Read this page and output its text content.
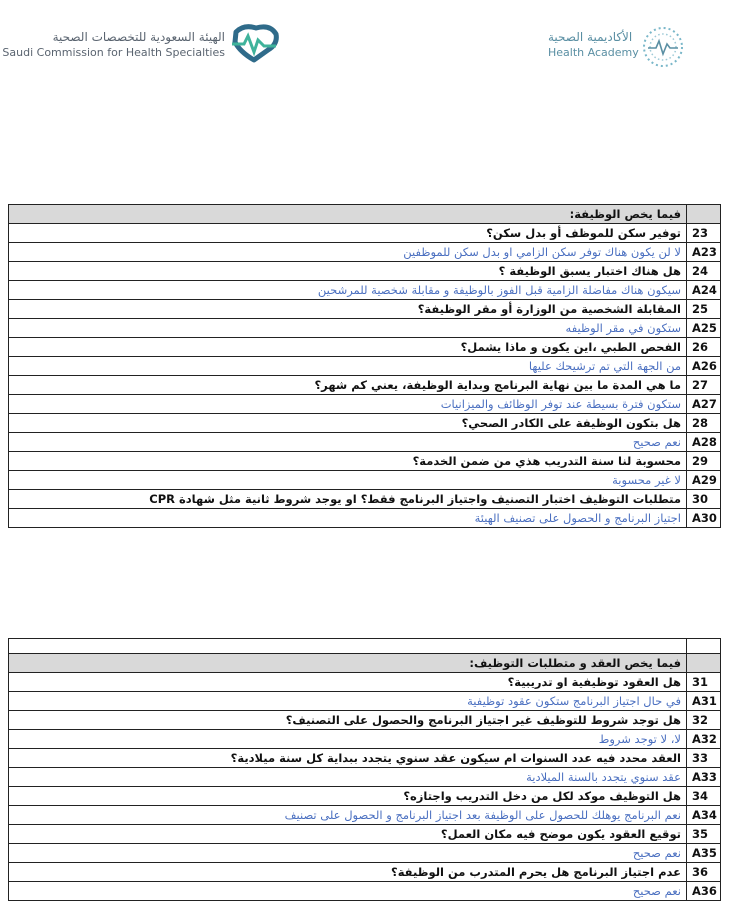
الهيئة السعودية للتخصصات الصحية
Saudi Commission for Health Specialties
الأكاديمية الصحية
Health Academy
فيما يخص الوظيفة:	
توفير سكن للموظف أو بدل سكن؟	23
لا لن يكون هناك توفر سكن الزامي او بدل سكن للموظفين	A23
هل هناك اختبار يسبق الوظيفة ؟	24
سيكون هناك مفاضلة الزامية قبل الفوز بالوظيفة و مقابلة شخصية للمرشحين	A24
المقابلة الشخصية من الوزارة أو مقر الوظيفة؟	25
ستكون في مقر الوظيفه	A25
الفحص الطبي ،اين يكون و ماذا يشمل؟	26
من الجهة التي تم ترشيحك عليها	A26
ما هي المدة ما بين نهاية البرنامج وبداية الوظيفة، يعني كم شهر؟	27
ستكون فترة بسيطة عند توفر الوظائف والميزانيات	A27
هل بتكون الوظيفة على الكادر الصحي؟	28
نعم صحيح	A28
محسوبة لنا سنة التدريب هذي من ضمن الخدمة؟	29
لا غير محسوبة	A29
متطلبات التوظيف اختبار التصنيف واجتياز البرنامج فقط؟ او يوجد شروط ثانية مثل شهادة CPR	30
اجتياز البرنامج و الحصول على تصنيف الهيئة	A30

فيما يخص العقد و متطلبات التوظيف:	
هل العقود توظيفية او تدريبية؟	31
في حال اجتياز البرنامج ستكون عقود توظيفية	A31
هل توجد شروط للتوظيف غير اجتياز البرنامج والحصول على التصنيف؟	32
لا، لا توجد شروط	A32
العقد محدد فيه عدد السنوات ام سيكون عقد سنوي يتجدد ببداية كل سنة ميلادية؟	33
عقد سنوي يتجدد بالسنة الميلادية	A33
هل التوظيف موكد لكل من دخل التدريب واجتازه؟	34
نعم البرنامج يوهلك للحصول على الوظيفة بعد اجتياز البرنامج و الحصول على تصنيف	A34
توقيع العقود يكون موضح فيه مكان العمل؟	35
نعم صحيح	A35
عدم اجتياز البرنامج هل يحرم المتدرب من الوظيفة؟	36
نعم صحيح	A36
